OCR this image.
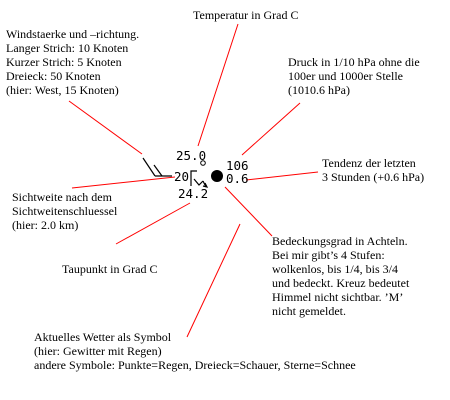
25.0
106
0.6
20
24.2
Windstaerke und –richtung.
Langer Strich: 10 Knoten
Kurzer Strich: 5 Knoten
Dreieck: 50 Knoten
(hier: West, 15 Knoten)
Temperatur in Grad C
Druck in 1/10 hPa ohne die
100er und 1000er Stelle
(1010.6 hPa)
Tendenz der letzten
3 Stunden (+0.6 hPa)
Sichtweite nach dem
Sichtweitenschluessel
(hier: 2.0 km)
Taupunkt in Grad C
Bedeckungsgrad in Achteln.
Bei mir gibt’s 4 Stufen:
wolkenlos, bis 1/4, bis 3/4
und bedeckt. Kreuz bedeutet
Himmel nicht sichtbar. ’M’
nicht gemeldet.
Aktuelles Wetter als Symbol
(hier: Gewitter mit Regen)
andere Symbole: Punkte=Regen, Dreieck=Schauer, Sterne=Schnee
